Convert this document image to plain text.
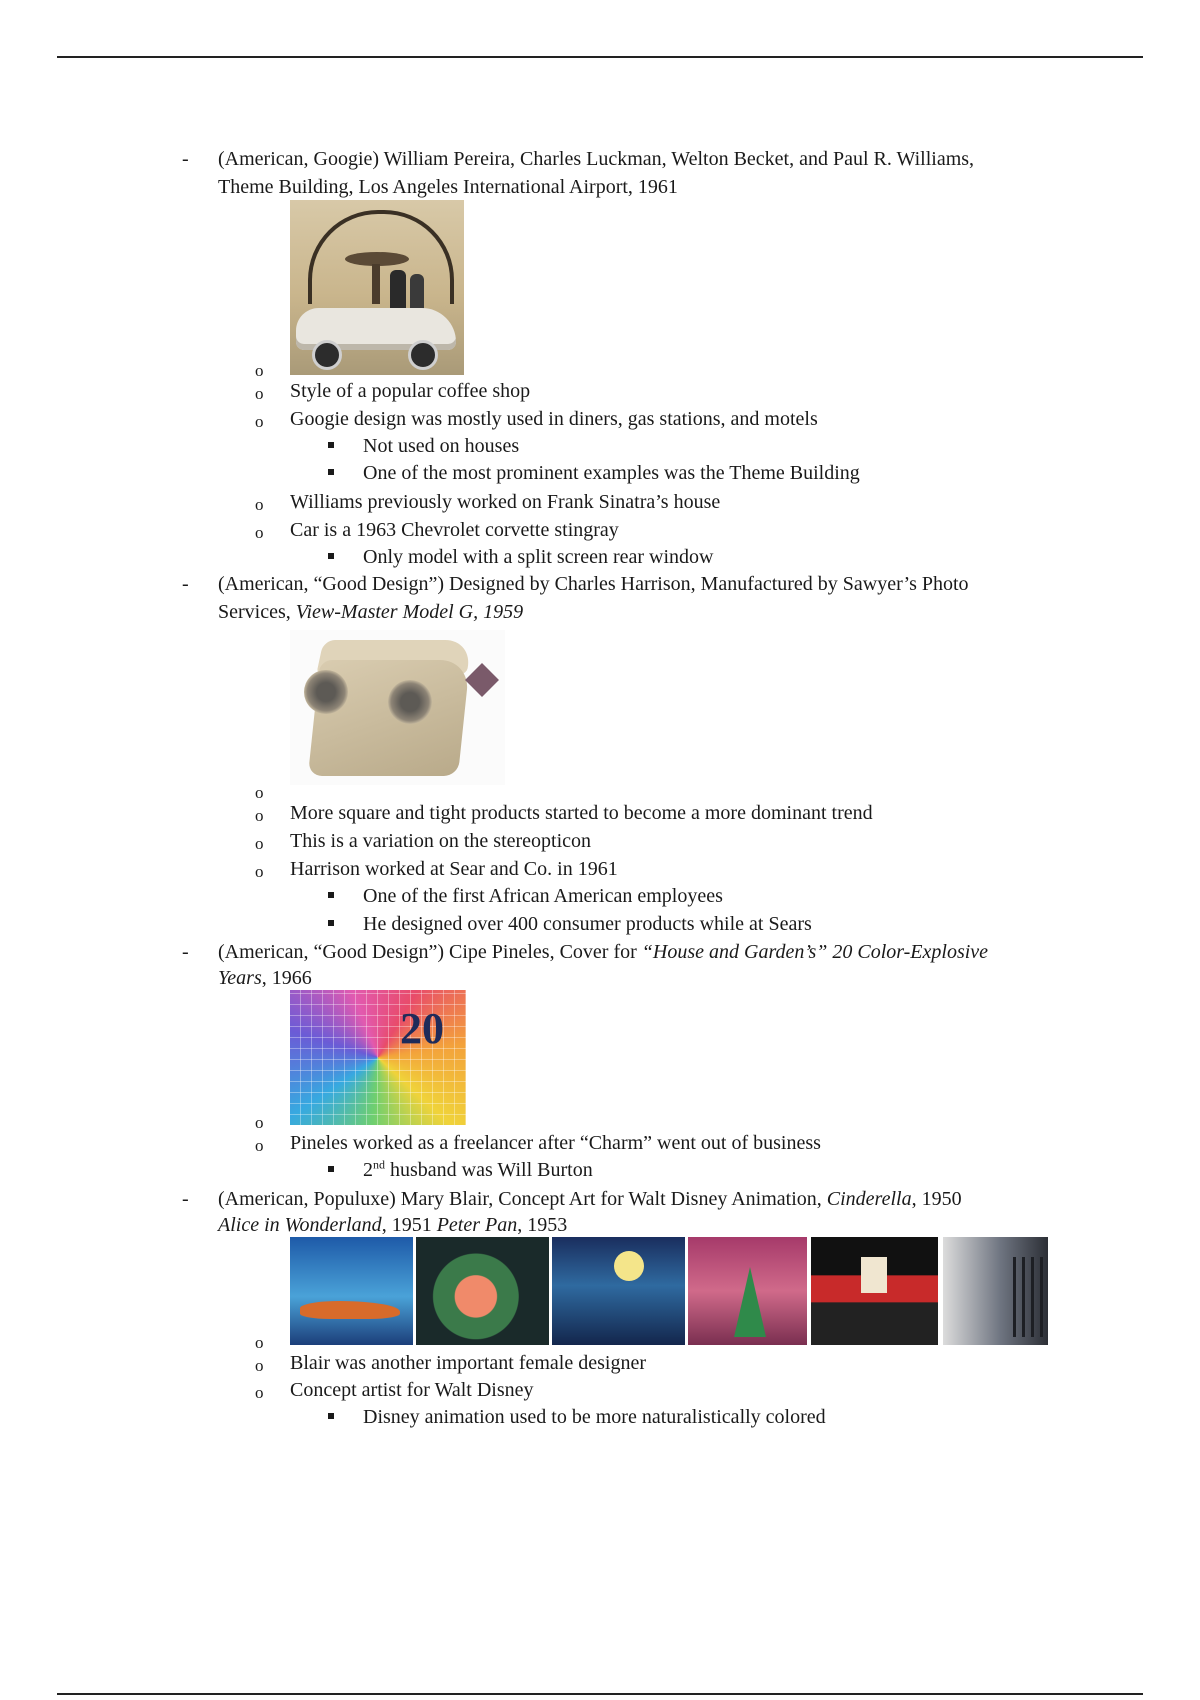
- (American, Googie) William Pereira, Charles Luckman, Welton Becket, and Paul R. Williams,
Theme Building, Los Angeles International Airport, 1961
o
o Style of a popular coffee shop
o Googie design was mostly used in diners, gas stations, and motels
Not used on houses
One of the most prominent examples was the Theme Building
o Williams previously worked on Frank Sinatra’s house
o Car is a 1963 Chevrolet corvette stingray
Only model with a split screen rear window
- (American, “Good Design”) Designed by Charles Harrison, Manufactured by Sawyer’s Photo
Services, View-Master Model G, 1959
o
o More square and tight products started to become a more dominant trend
o This is a variation on the stereopticon
o Harrison worked at Sear and Co. in 1961
One of the first African American employees
He designed over 400 consumer products while at Sears
- (American, “Good Design”) Cipe Pineles, Cover for “House and Garden’s” 20 Color-Explosive
Years, 1966
20
o
o Pineles worked as a freelancer after “Charm” went out of business
2nd husband was Will Burton
- (American, Populuxe) Mary Blair, Concept Art for Walt Disney Animation, Cinderella, 1950
Alice in Wonderland, 1951 Peter Pan, 1953
o
o Blair was another important female designer
o Concept artist for Walt Disney
Disney animation used to be more naturalistically colored
